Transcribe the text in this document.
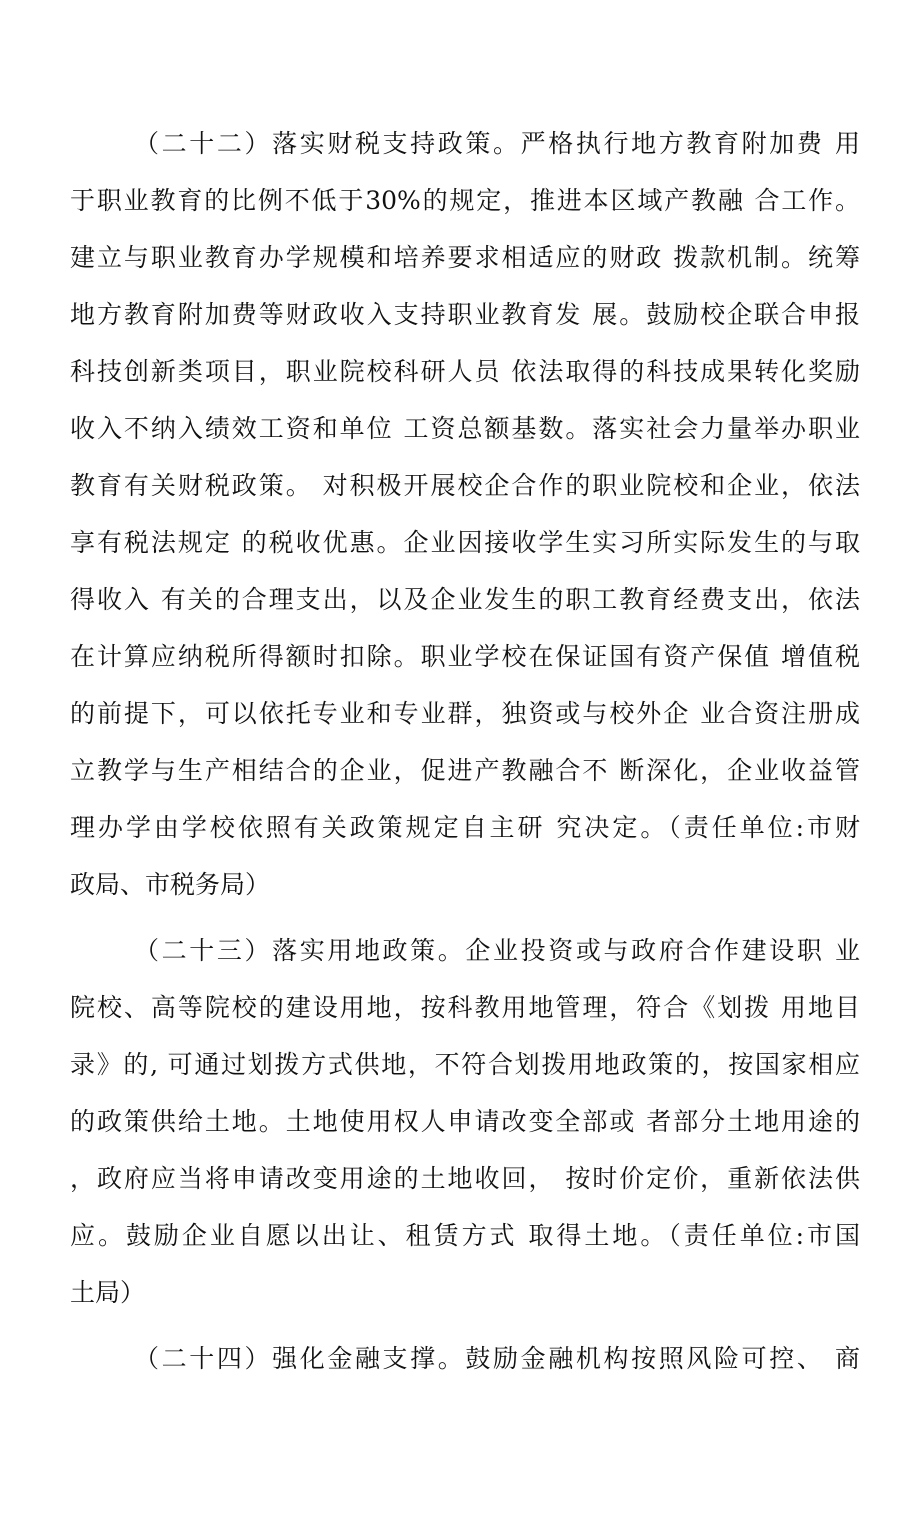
（二十二）落实财税支持政策。严格执行地方教育附加费 用
于职业教育的比例不低于30%的规定，推进本区域产教融 合工作。
建立与职业教育办学规模和培养要求相适应的财政 拨款机制。统筹
地方教育附加费等财政收入支持职业教育发 展。鼓励校企联合申报
科技创新类项目，职业院校科研人员 依法取得的科技成果转化奖励
收入不纳入绩效工资和单位 工资总额基数。落实社会力量举办职业
教育有关财税政策。 对积极开展校企合作的职业院校和企业，依法
享有税法规定 的税收优惠。企业因接收学生实习所实际发生的与取
得收入 有关的合理支出，以及企业发生的职工教育经费支出，依法
在计算应纳税所得额时扣除。职业学校在保证国有资产保值 增值税
的前提下，可以依托专业和专业群，独资或与校外企 业合资注册成
立教学与生产相结合的企业，促进产教融合不 断深化，企业收益管
理办学由学校依照有关政策规定自主研 究决定。（责任单位:市财
政局、市税务局）
（二十三）落实用地政策。企业投资或与政府合作建设职 业
院校、高等院校的建设用地，按科教用地管理，符合《划拨 用地目
录》的, 可通过划拨方式供地，不符合划拨用地政策的，按国家相应
的政策供给土地。土地使用权人申请改变全部或 者部分土地用途的
，政府应当将申请改变用途的土地收回， 按时价定价，重新依法供
应。鼓励企业自愿以出让、租赁方式 取得土地。（责任单位:市国
土局）
（二十四）强化金融支撑。鼓励金融机构按照风险可控、 商
